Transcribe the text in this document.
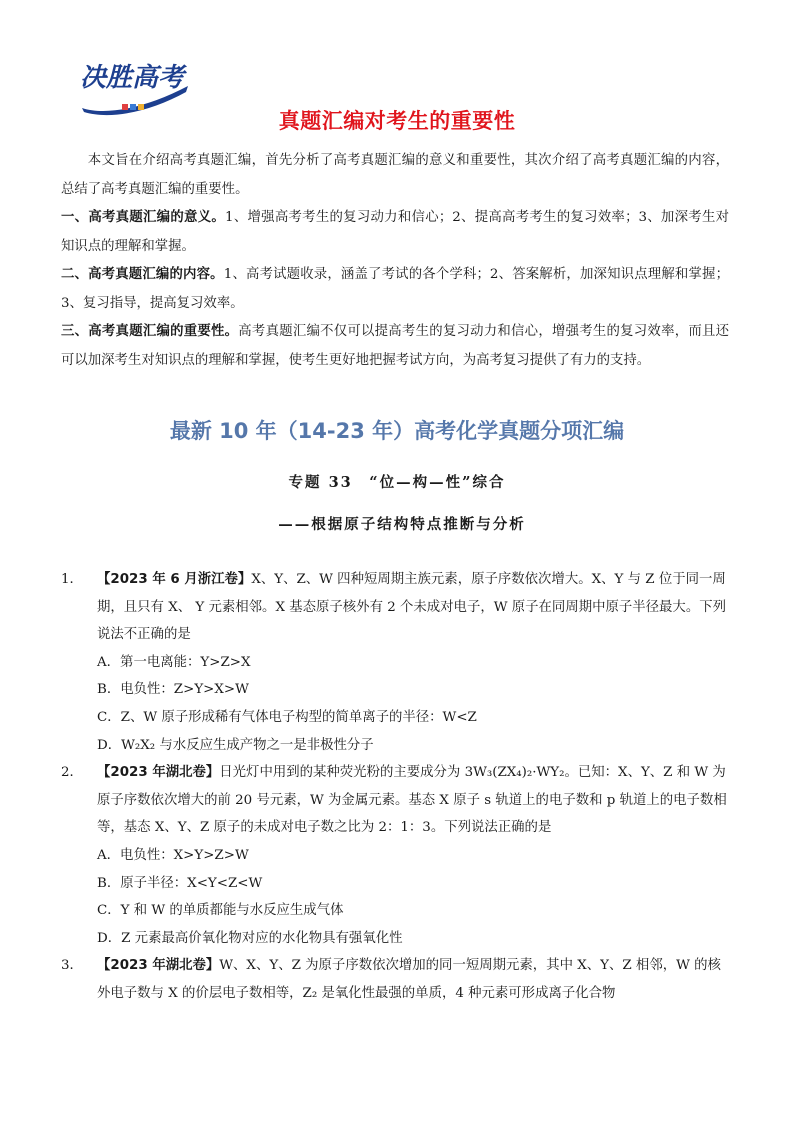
决胜高考
真题汇编对考生的重要性

本文旨在介绍高考真题汇编，首先分析了高考真题汇编的意义和重要性，其次介绍了高考真题汇编的内容，总结了高考真题汇编的重要性。

一、高考真题汇编的意义。1、增强高考考生的复习动力和信心；2、提高高考考生的复习效率；3、加深考生对知识点的理解和掌握。

二、高考真题汇编的内容。1、高考试题收录，涵盖了考试的各个学科；2、答案解析，加深知识点理解和掌握；3、复习指导，提高复习效率。

三、高考真题汇编的重要性。高考真题汇编不仅可以提高考生的复习动力和信心，增强考生的复习效率，而且还可以加深考生对知识点的理解和掌握，使考生更好地把握考试方向，为高考复习提供了有力的支持。

最新 10 年（14-23 年）高考化学真题分项汇编
专题 33　“位—构—性”综合
——根据原子结构特点推断与分析
1． 【2023 年 6 月浙江卷】X、Y、Z、W 四种短周期主族元素，原子序数依次增大。X、Y 与 Z 位于同一周期，且只有 X、 Y 元素相邻。X 基态原子核外有 2 个未成对电子，W 原子在同周期中原子半径最大。下列说法不正确的是
A．第一电离能：Y>Z>X
B．电负性：Z>Y>X>W
C．Z、W 原子形成稀有气体电子构型的简单离子的半径：W<Z
D．W₂X₂ 与水反应生成产物之一是非极性分子
2． 【2023 年湖北卷】日光灯中用到的某种荧光粉的主要成分为 3W₃(ZX₄)₂·WY₂。已知：X、Y、Z 和 W 为原子序数依次增大的前 20 号元素，W 为金属元素。基态 X 原子 s 轨道上的电子数和 p 轨道上的电子数相等，基态 X、Y、Z 原子的未成对电子数之比为 2：1：3。下列说法正确的是
A．电负性：X>Y>Z>W
B．原子半径：X<Y<Z<W
C．Y 和 W 的单质都能与水反应生成气体
D．Z 元素最高价氧化物对应的水化物具有强氧化性
3． 【2023 年湖北卷】W、X、Y、Z 为原子序数依次增加的同一短周期元素，其中 X、Y、Z 相邻，W 的核外电子数与 X 的价层电子数相等，Z₂ 是氧化性最强的单质，4 种元素可形成离子化合物
